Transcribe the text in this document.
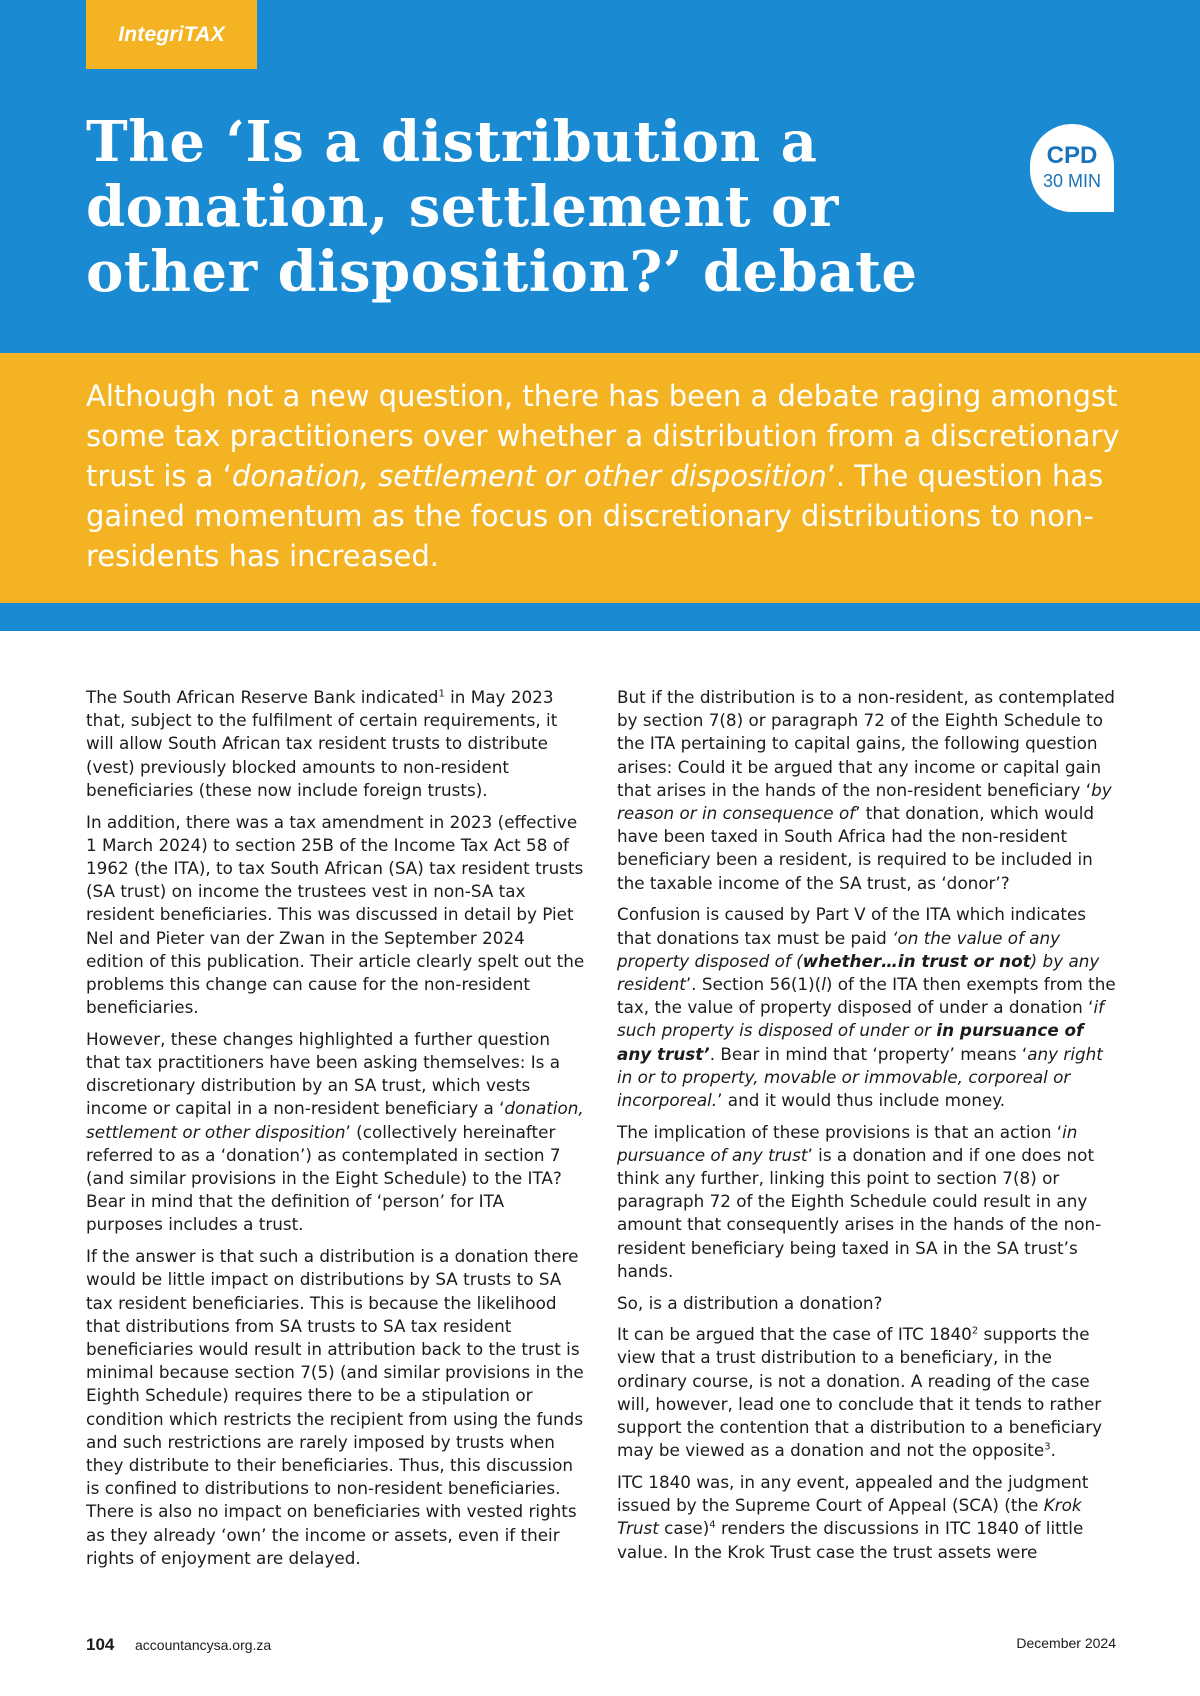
IntegriTAX
The ‘Is a distribution a donation, settlement or other disposition?’ debate
CPD
30 MIN

Although not a new question, there has been a debate raging amongst some tax practitioners over whether a distribution from a discretionary trust is a ‘donation, settlement or other disposition’. The question has gained momentum as the focus on discretionary distributions to non-residents has increased.

The South African Reserve Bank indicated$^1$ in May 2023 that, subject to the fulfilment of certain requirements, it will allow South African tax resident trusts to distribute (vest) previously blocked amounts to non-resident beneficiaries (these now include foreign trusts).

In addition, there was a tax amendment in 2023 (effective 1 March 2024) to section 25B of the Income Tax Act 58 of 1962 (the ITA), to tax South African (SA) tax resident trusts (SA trust) on income the trustees vest in non-SA tax resident beneficiaries. This was discussed in detail by Piet Nel and Pieter van der Zwan in the September 2024 edition of this publication. Their article clearly spelt out the problems this change can cause for the non-resident beneficiaries.

However, these changes highlighted a further question that tax practitioners have been asking themselves: Is a discretionary distribution by an SA trust, which vests income or capital in a non-resident beneficiary a ‘donation, settlement or other disposition’ (collectively hereinafter referred to as a ‘donation’) as contemplated in section 7 (and similar provisions in the Eight Schedule) to the ITA? Bear in mind that the definition of ‘person’ for ITA purposes includes a trust.

If the answer is that such a distribution is a donation there would be little impact on distributions by SA trusts to SA tax resident beneficiaries. This is because the likelihood that distributions from SA trusts to SA tax resident beneficiaries would result in attribution back to the trust is minimal because section 7(5) (and similar provisions in the Eighth Schedule) requires there to be a stipulation or condition which restricts the recipient from using the funds and such restrictions are rarely imposed by trusts when they distribute to their beneficiaries. Thus, this discussion is confined to distributions to non-resident beneficiaries. There is also no impact on beneficiaries with vested rights as they already ‘own’ the income or assets, even if their rights of enjoyment are delayed.

But if the distribution is to a non-resident, as contemplated by section 7(8) or paragraph 72 of the Eighth Schedule to the ITA pertaining to capital gains, the following question arises: Could it be argued that any income or capital gain that arises in the hands of the non-resident beneficiary ‘by reason or in consequence of’ that donation, which would have been taxed in South Africa had the non-resident beneficiary been a resident, is required to be included in the taxable income of the SA trust, as ‘donor’?

Confusion is caused by Part V of the ITA which indicates that donations tax must be paid ‘on the value of any property disposed of (whether…in trust or not) by any resident’. Section 56(1)(l) of the ITA then exempts from the tax, the value of property disposed of under a donation ‘if such property is disposed of under or in pursuance of any trust’. Bear in mind that ‘property’ means ‘any right in or to property, movable or immovable, corporeal or incorporeal.’ and it would thus include money.

The implication of these provisions is that an action ‘in pursuance of any trust’ is a donation and if one does not think any further, linking this point to section 7(8) or paragraph 72 of the Eighth Schedule could result in any amount that consequently arises in the hands of the non-resident beneficiary being taxed in SA in the SA trust’s hands.

So, is a distribution a donation?

It can be argued that the case of ITC 1840$^2$ supports the view that a trust distribution to a beneficiary, in the ordinary course, is not a donation. A reading of the case will, however, lead one to conclude that it tends to rather support the contention that a distribution to a beneficiary may be viewed as a donation and not the opposite$^3$.

ITC 1840 was, in any event, appealed and the judgment issued by the Supreme Court of Appeal (SCA) (the Krok Trust case)$^4$ renders the discussions in ITC 1840 of little value. In the Krok Trust case the trust assets were

104 accountancysa.org.za	December 2024
